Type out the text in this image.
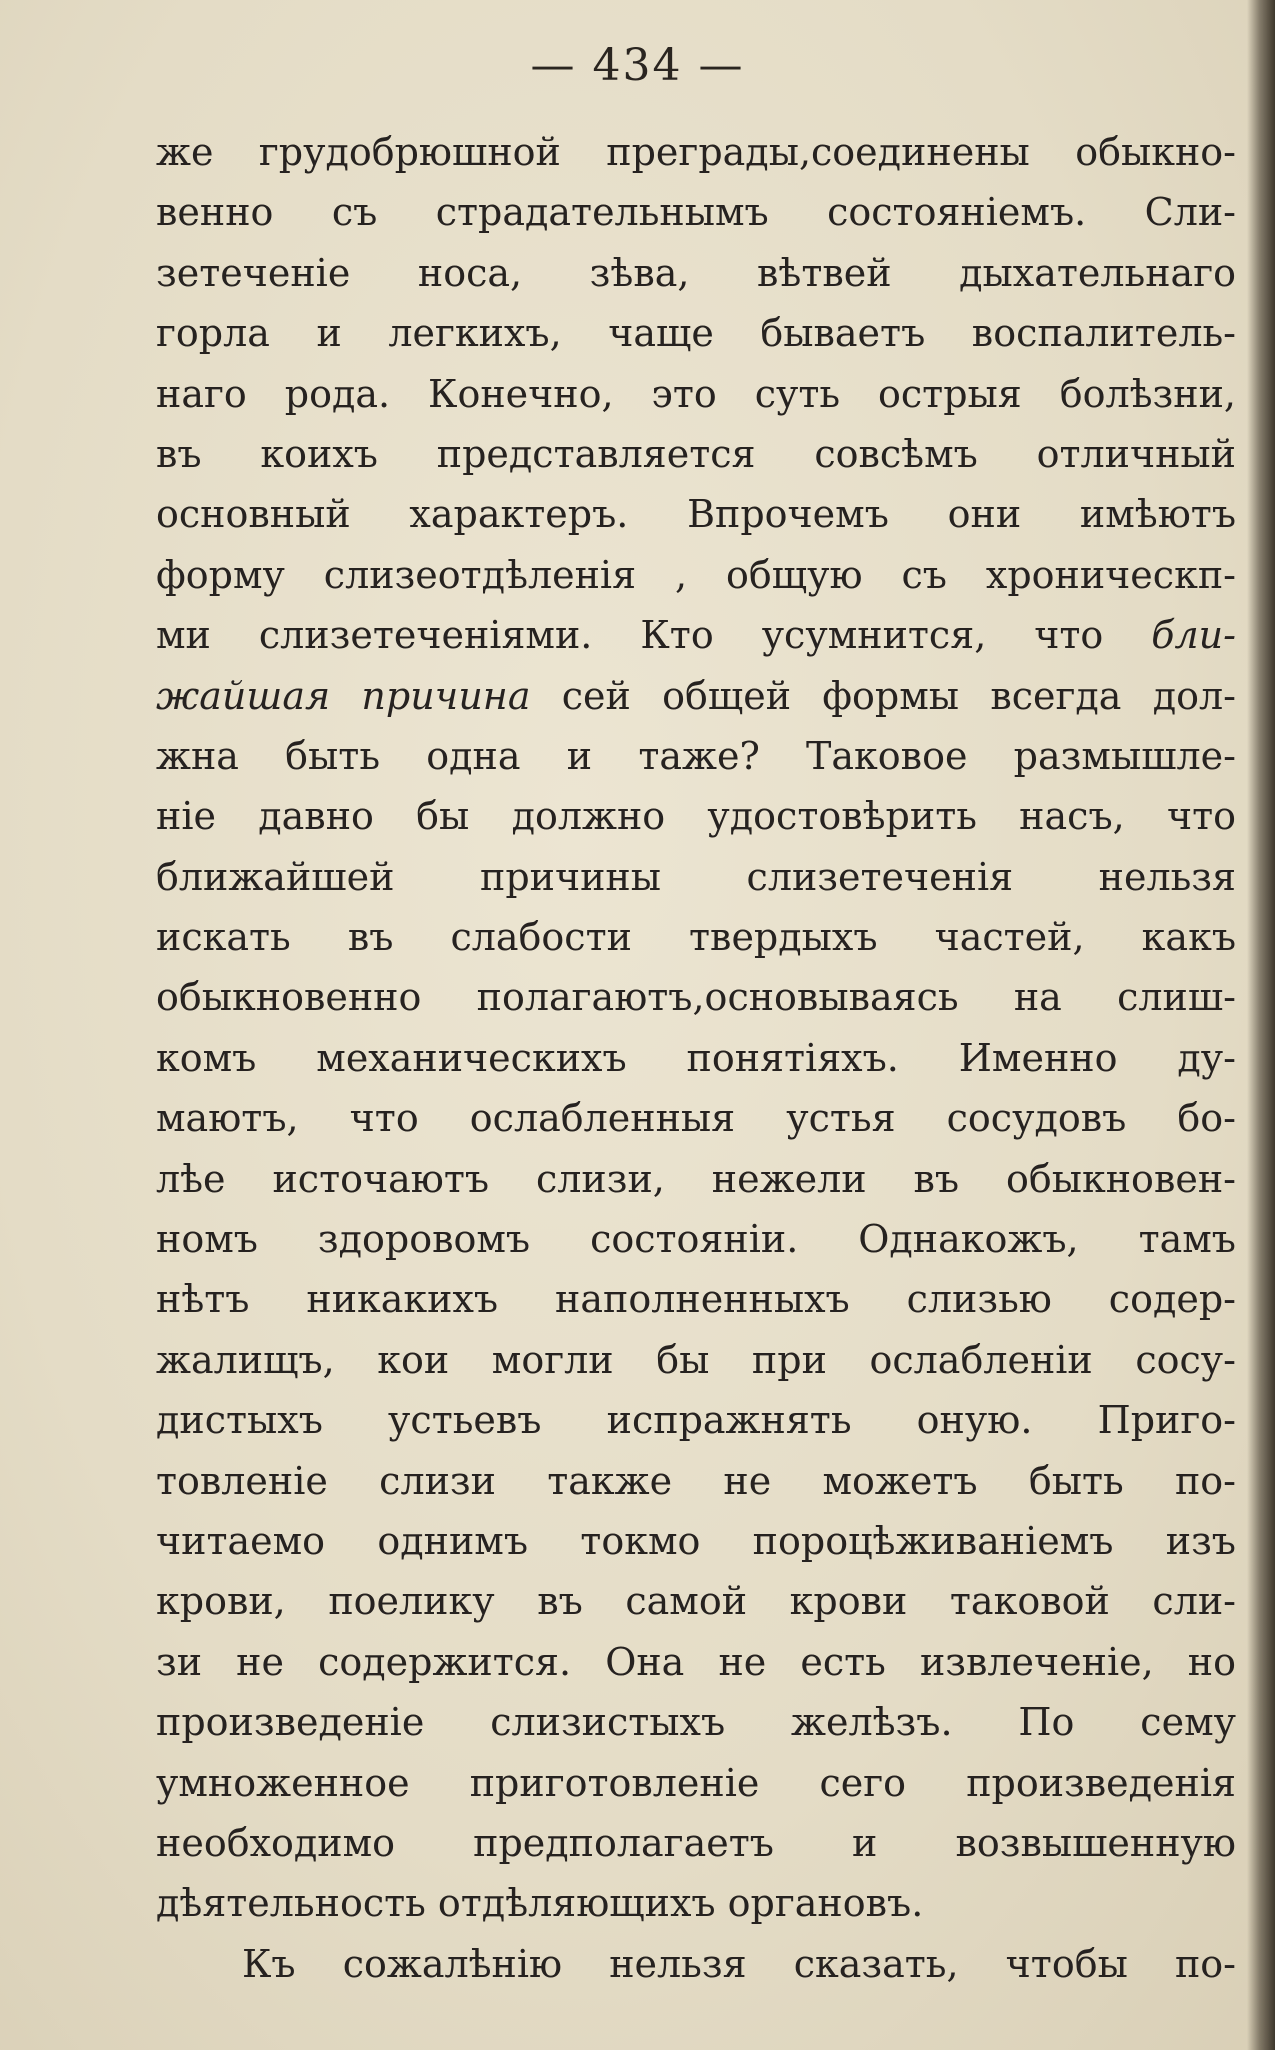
— 434 —
же грудобрюшной преграды,соединены обыкно-
венно съ страдательнымъ состоянiемъ. Сли-
зетеченiе носа, зѣва, вѣтвей дыхательнаго
горла и легкихъ, чаще бываетъ воспалитель-
наго рода. Конечно, это суть острыя болѣзни,
въ коихъ представляется совсѣмъ отличный
основный характеръ. Впрочемъ они имѣютъ
форму слизеотдѣленiя , общую съ хроническп-
ми слизетеченiями. Кто усумнится, что бли-
жайшая причина сей общей формы всегда дол-
жна быть одна и таже? Таковое размышле-
нiе давно бы должно удостовѣрить насъ, что
ближайшей причины слизетеченiя нельзя
искать въ слабости твердыхъ частей, какъ
обыкновенно полагаютъ,основываясь на слиш-
комъ механическихъ понятiяхъ. Именно ду-
маютъ, что ослабленныя устья сосудовъ бо-
лѣе источаютъ слизи, нежели въ обыкновен-
номъ здоровомъ состоянiи. Однакожъ, тамъ
нѣтъ никакихъ наполненныхъ слизью содер-
жалищъ, кои могли бы при ослабленiи сосу-
дистыхъ устьевъ испражнять оную. Приго-
товленiе слизи также не можетъ быть по-
читаемо однимъ токмо пороцѣживанiемъ изъ
крови, поелику въ самой крови таковой сли-
зи не содержится. Она не есть извлеченiе, но
произведенiе слизистыхъ желѣзъ. По сему
умноженное приготовленiе сего произведенiя
необходимо предполагаетъ и возвышенную
дѣятельность отдѣляющихъ органовъ.
Къ сожалѣнiю нельзя сказать, чтобы по-
